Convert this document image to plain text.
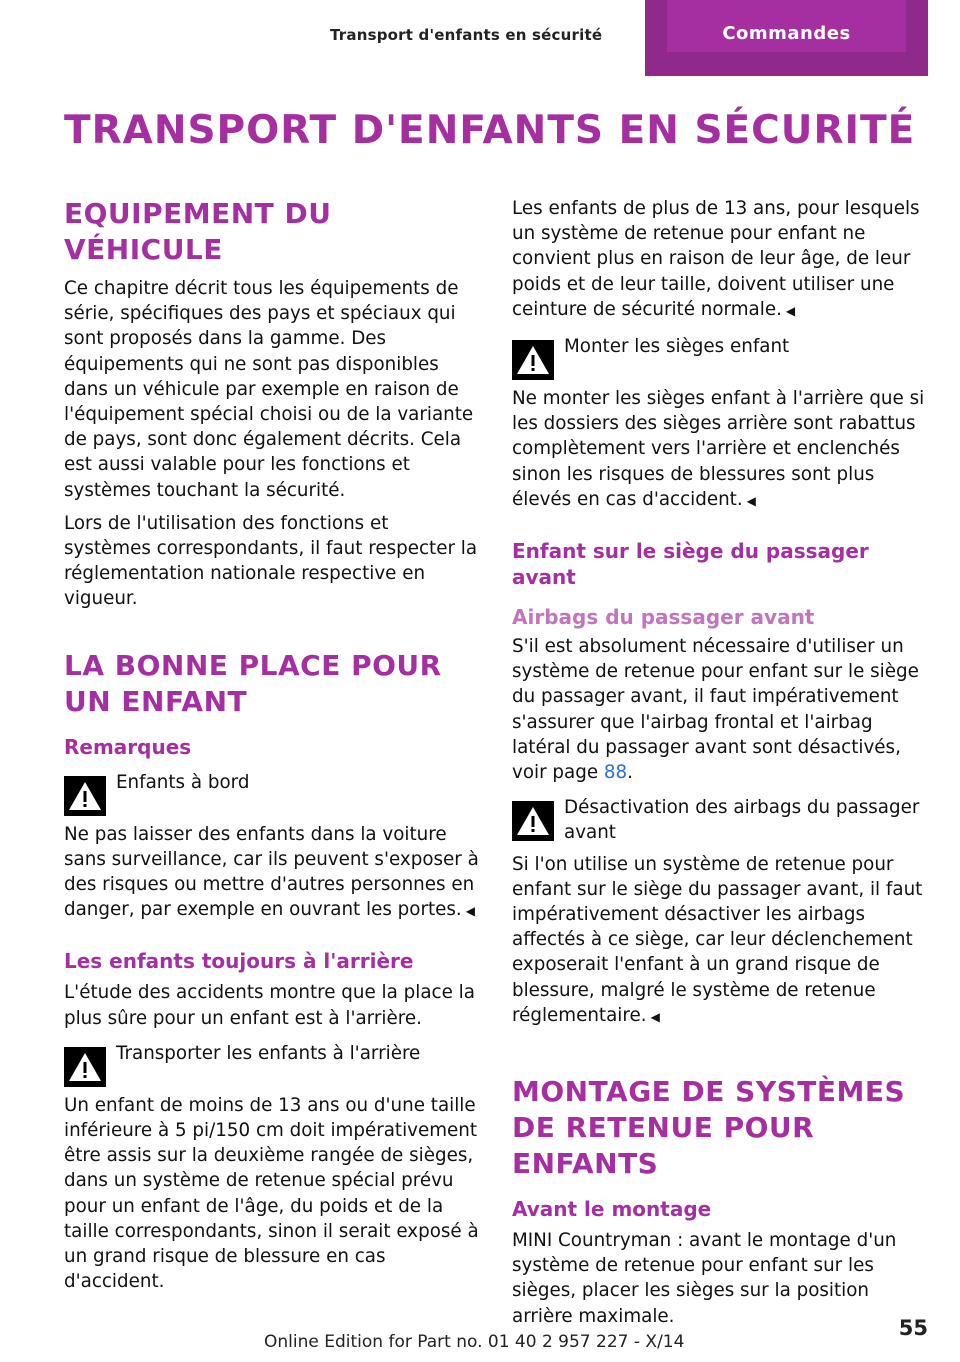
Transport d'enfants en sécurité	Commandes
TRANSPORT D'ENFANTS EN SÉCURITÉ
EQUIPEMENT DU VÉHICULE

Ce chapitre décrit tous les équipements de série, spécifiques des pays et spéciaux qui sont proposés dans la gamme. Des équipements qui ne sont pas disponibles dans un véhicule par exemple en raison de l'équipement spécial choisi ou de la variante de pays, sont donc également décrits. Cela est aussi valable pour les fonctions et systèmes touchant la sécurité.

Lors de l'utilisation des fonctions et systèmes correspondants, il faut respecter la réglementation nationale respective en vigueur.

LA BONNE PLACE POUR UN ENFANT
Remarques
Enfants à bord
Ne pas laisser des enfants dans la voiture sans surveillance, car ils peuvent s'exposer à des risques ou mettre d'autres personnes en danger, par exemple en ouvrant les portes. ◀
Les enfants toujours à l'arrière

L'étude des accidents montre que la place la plus sûre pour un enfant est à l'arrière.

Transporter les enfants à l'arrière
Un enfant de moins de 13 ans ou d'une taille inférieure à 5 pi/150 cm doit impérativement être assis sur la deuxième rangée de sièges, dans un système de retenue spécial prévu pour un enfant de l'âge, du poids et de la taille correspondants, sinon il serait exposé à un grand risque de blessure en cas d'accident.

Les enfants de plus de 13 ans, pour lesquels un système de retenue pour enfant ne convient plus en raison de leur âge, de leur poids et de leur taille, doivent utiliser une ceinture de sécurité normale. ◀

Monter les sièges enfant
Ne monter les sièges enfant à l'arrière que si les dossiers des sièges arrière sont rabattus complètement vers l'arrière et enclenchés sinon les risques de blessures sont plus élevés en cas d'accident. ◀
Enfant sur le siège du passager avant
Airbags du passager avant

S'il est absolument nécessaire d'utiliser un système de retenue pour enfant sur le siège du passager avant, il faut impérativement s'assurer que l'airbag frontal et l'airbag latéral du passager avant sont désactivés, voir page 88.

Désactivation des airbags du passager avant
Si l'on utilise un système de retenue pour enfant sur le siège du passager avant, il faut impérativement désactiver les airbags affectés à ce siège, car leur déclenchement exposerait l'enfant à un grand risque de blessure, malgré le système de retenue réglementaire. ◀
MONTAGE DE SYSTÈMES DE RETENUE POUR ENFANTS
Avant le montage

MINI Countryman : avant le montage d'un système de retenue pour enfant sur les sièges, placer les sièges sur la position arrière maximale.

Online Edition for Part no. 01 40 2 957 227 - X/14
55
